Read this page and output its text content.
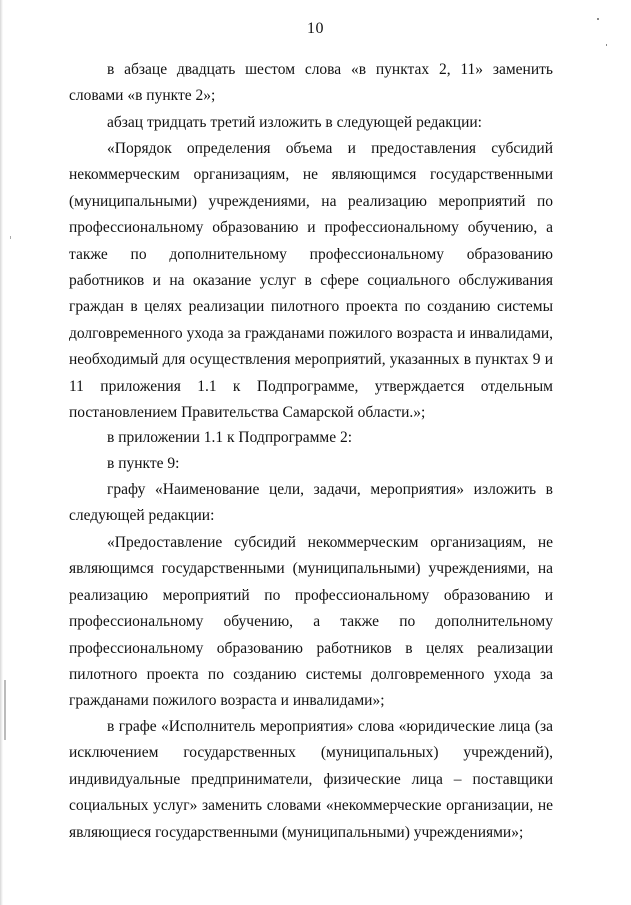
10

в абзаце двадцать шестом слова «в пунктах 2, 11» заменить словами «в пункте 2»;

абзац тридцать третий изложить в следующей редакции:

«Порядок определения объема и предоставления субсидий некоммерческим организациям, не являющимся государственными (муниципальными) учреждениями, на реализацию мероприятий по профессиональному образованию и профессиональному обучению, а также по дополнительному профессиональному образованию работников и на оказание услуг в сфере социального обслуживания граждан в целях реализации пилотного проекта по созданию системы долговременного ухода за гражданами пожилого возраста и инвалидами, необходимый для осуществления мероприятий, указанных в пунктах 9 и 11 приложения 1.1 к Подпрограмме, утверждается отдельным постановлением Правительства Самарской области.»;

в приложении 1.1 к Подпрограмме 2:

в пункте 9:

графу «Наименование цели, задачи, мероприятия» изложить в следующей редакции:

«Предоставление субсидий некоммерческим организациям, не являющимся государственными (муниципальными) учреждениями, на реализацию мероприятий по профессиональному образованию и профессиональному обучению, а также по дополнительному профессиональному образованию работников в целях реализации пилотного проекта по созданию системы долговременного ухода за гражданами пожилого возраста и инвалидами»;

в графе «Исполнитель мероприятия» слова «юридические лица (за исключением государственных (муниципальных) учреждений), индивидуальные предприниматели, физические лица – поставщики социальных услуг» заменить словами «некоммерческие организации, не являющиеся государственными (муниципальными) учреждениями»;
